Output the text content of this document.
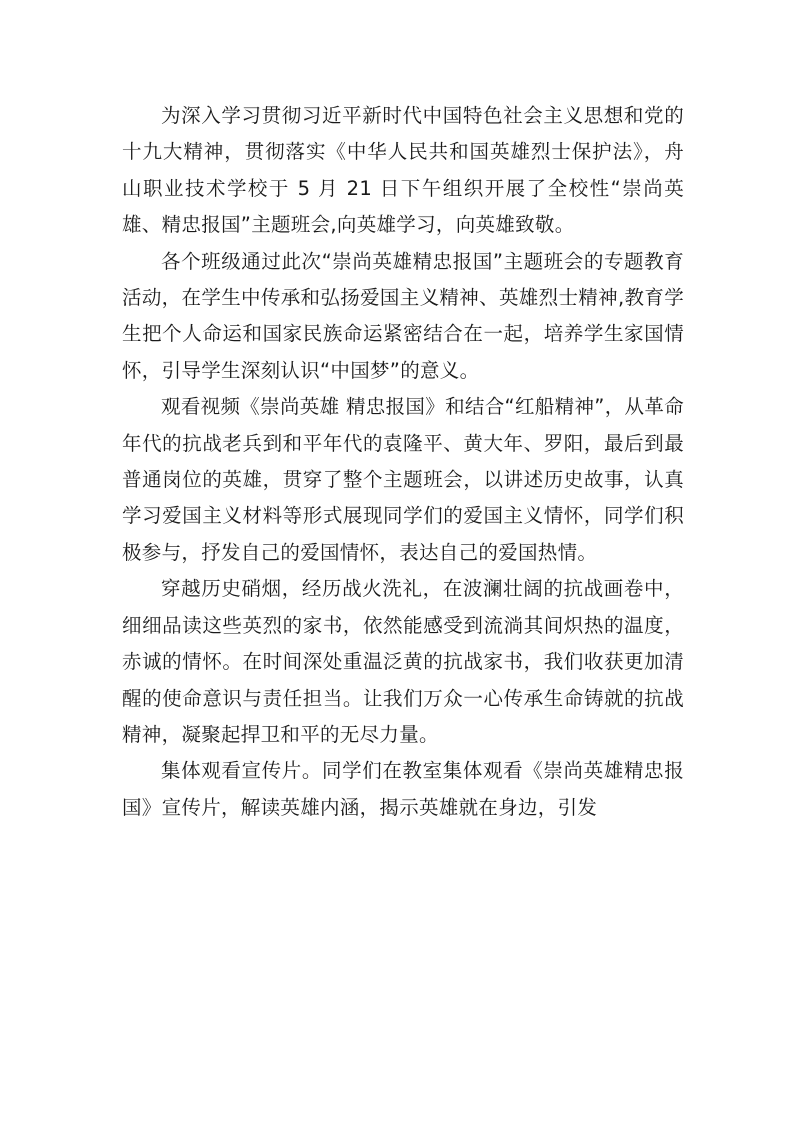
为深入学习贯彻习近平新时代中国特色社会主义思想和党的十九大精神，贯彻落实《中华人民共和国英雄烈士保护法》，舟山职业技术学校于 5 月 21 日下午组织开展了全校性“崇尚英雄、精忠报国”主题班会,向英雄学习，向英雄致敬。

各个班级通过此次“崇尚英雄精忠报国”主题班会的专题教育活动，在学生中传承和弘扬爱国主义精神、英雄烈士精神,教育学生把个人命运和国家民族命运紧密结合在一起，培养学生家国情怀，引导学生深刻认识“中国梦”的意义。

观看视频《崇尚英雄 精忠报国》和结合“红船精神”，从革命年代的抗战老兵到和平年代的袁隆平、黄大年、罗阳，最后到最普通岗位的英雄，贯穿了整个主题班会，以讲述历史故事，认真学习爱国主义材料等形式展现同学们的爱国主义情怀，同学们积极参与，抒发自己的爱国情怀，表达自己的爱国热情。

穿越历史硝烟，经历战火洗礼，在波澜壮阔的抗战画卷中，细细品读这些英烈的家书，依然能感受到流淌其间炽热的温度，赤诚的情怀。在时间深处重温泛黄的抗战家书，我们收获更加清醒的使命意识与责任担当。让我们万众一心传承生命铸就的抗战精神，凝聚起捍卫和平的无尽力量。

集体观看宣传片。同学们在教室集体观看《崇尚英雄精忠报国》宣传片，解读英雄内涵，揭示英雄就在身边，引发
